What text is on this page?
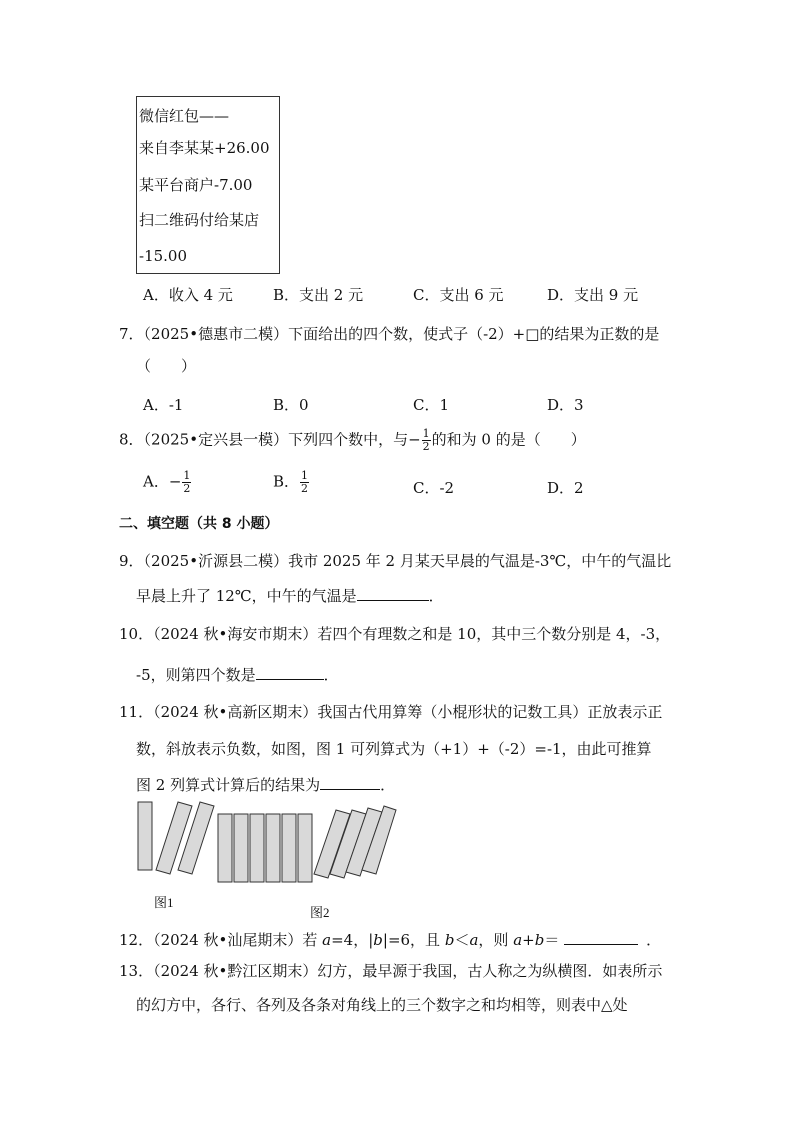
微信红包——
来自李某某+26.00
某平台商户-7.00
扫二维码付给某店
-15.00
A．收入 4 元	B．支出 2 元	C．支出 6 元	D．支出 9 元
7．（2025•德惠市二模）下面给出的四个数，使式子（-2）+□的结果为正数的是
（　　）
A．-1	B．0	C．1	D．3
8．（2025•定兴县一模）下列四个数中，与− $\frac{1}{2}$ 的和为 0 的是（　　）
A．− $\frac{1}{2}$	B． $\frac{1}{2}$	C．-2	D．2
二、填空题（共 8 小题）
9．（2025•沂源县二模）我市 2025 年 2 月某天早晨的气温是-3℃，中午的气温比
早晨上升了 12℃，中午的气温是	．
10．（2024 秋•海安市期末）若四个有理数之和是 10，其中三个数分别是 4，-3，
-5，则第四个数是	．
11．（2024 秋•高新区期末）我国古代用算筹（小棍形状的记数工具）正放表示正
数，斜放表示负数，如图，图 1 可列算式为（+1）+（-2）=-1，由此可推算
图 2 列算式计算后的结果为	．
图1
图2
12．（2024 秋•汕尾期末）若 a=4，|b|=6，且 b＜a，则 a+b＝	．
13．（2024 秋•黔江区期末）幻方，最早源于我国，古人称之为纵横图．如表所示
的幻方中，各行、各列及各条对角线上的三个数字之和均相等，则表中△处
